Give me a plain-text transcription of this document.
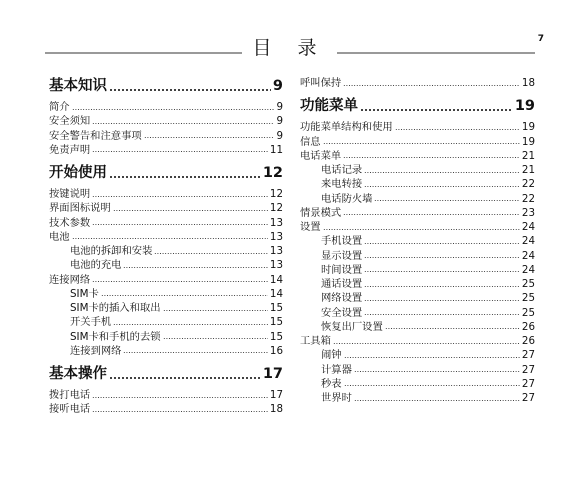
7
目 录
基本知识	9
简介	9
安全须知	9
安全警告和注意事项	9
免责声明	11
开始使用	12
按键说明	12
界面图标说明	12
技术参数	13
电池	13
电池的拆卸和安装	13
电池的充电	13
连接网络	14
SIM卡	14
SIM卡的插入和取出	15
开关手机	15
SIM卡和手机的去锁	15
连接到网络	16
基本操作	17
拨打电话	17
接听电话	18
呼叫保持	18
功能菜单	19
功能菜单结构和使用	19
信息	19
电话菜单	21
电话记录	21
来电转接	22
电话防火墙	22
情景模式	23
设置	24
手机设置	24
显示设置	24
时间设置	24
通话设置	25
网络设置	25
安全设置	25
恢复出厂设置	26
工具箱	26
闹钟	27
计算器	27
秒表	27
世界时	27
